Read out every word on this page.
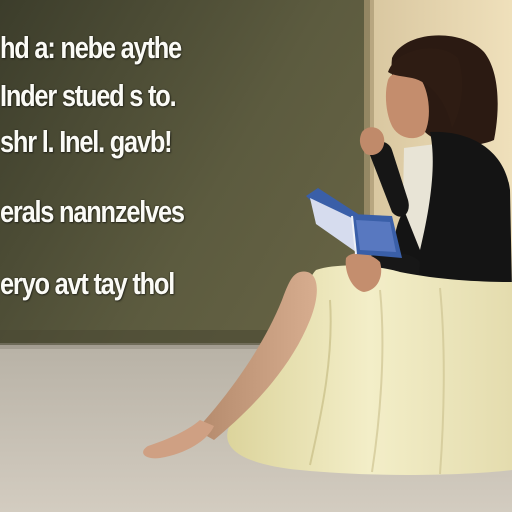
hd a: nebe aythe

Inder stued s to.

shr l. Inel. gavb!

erals nannzelves

eryo avt tay thol
